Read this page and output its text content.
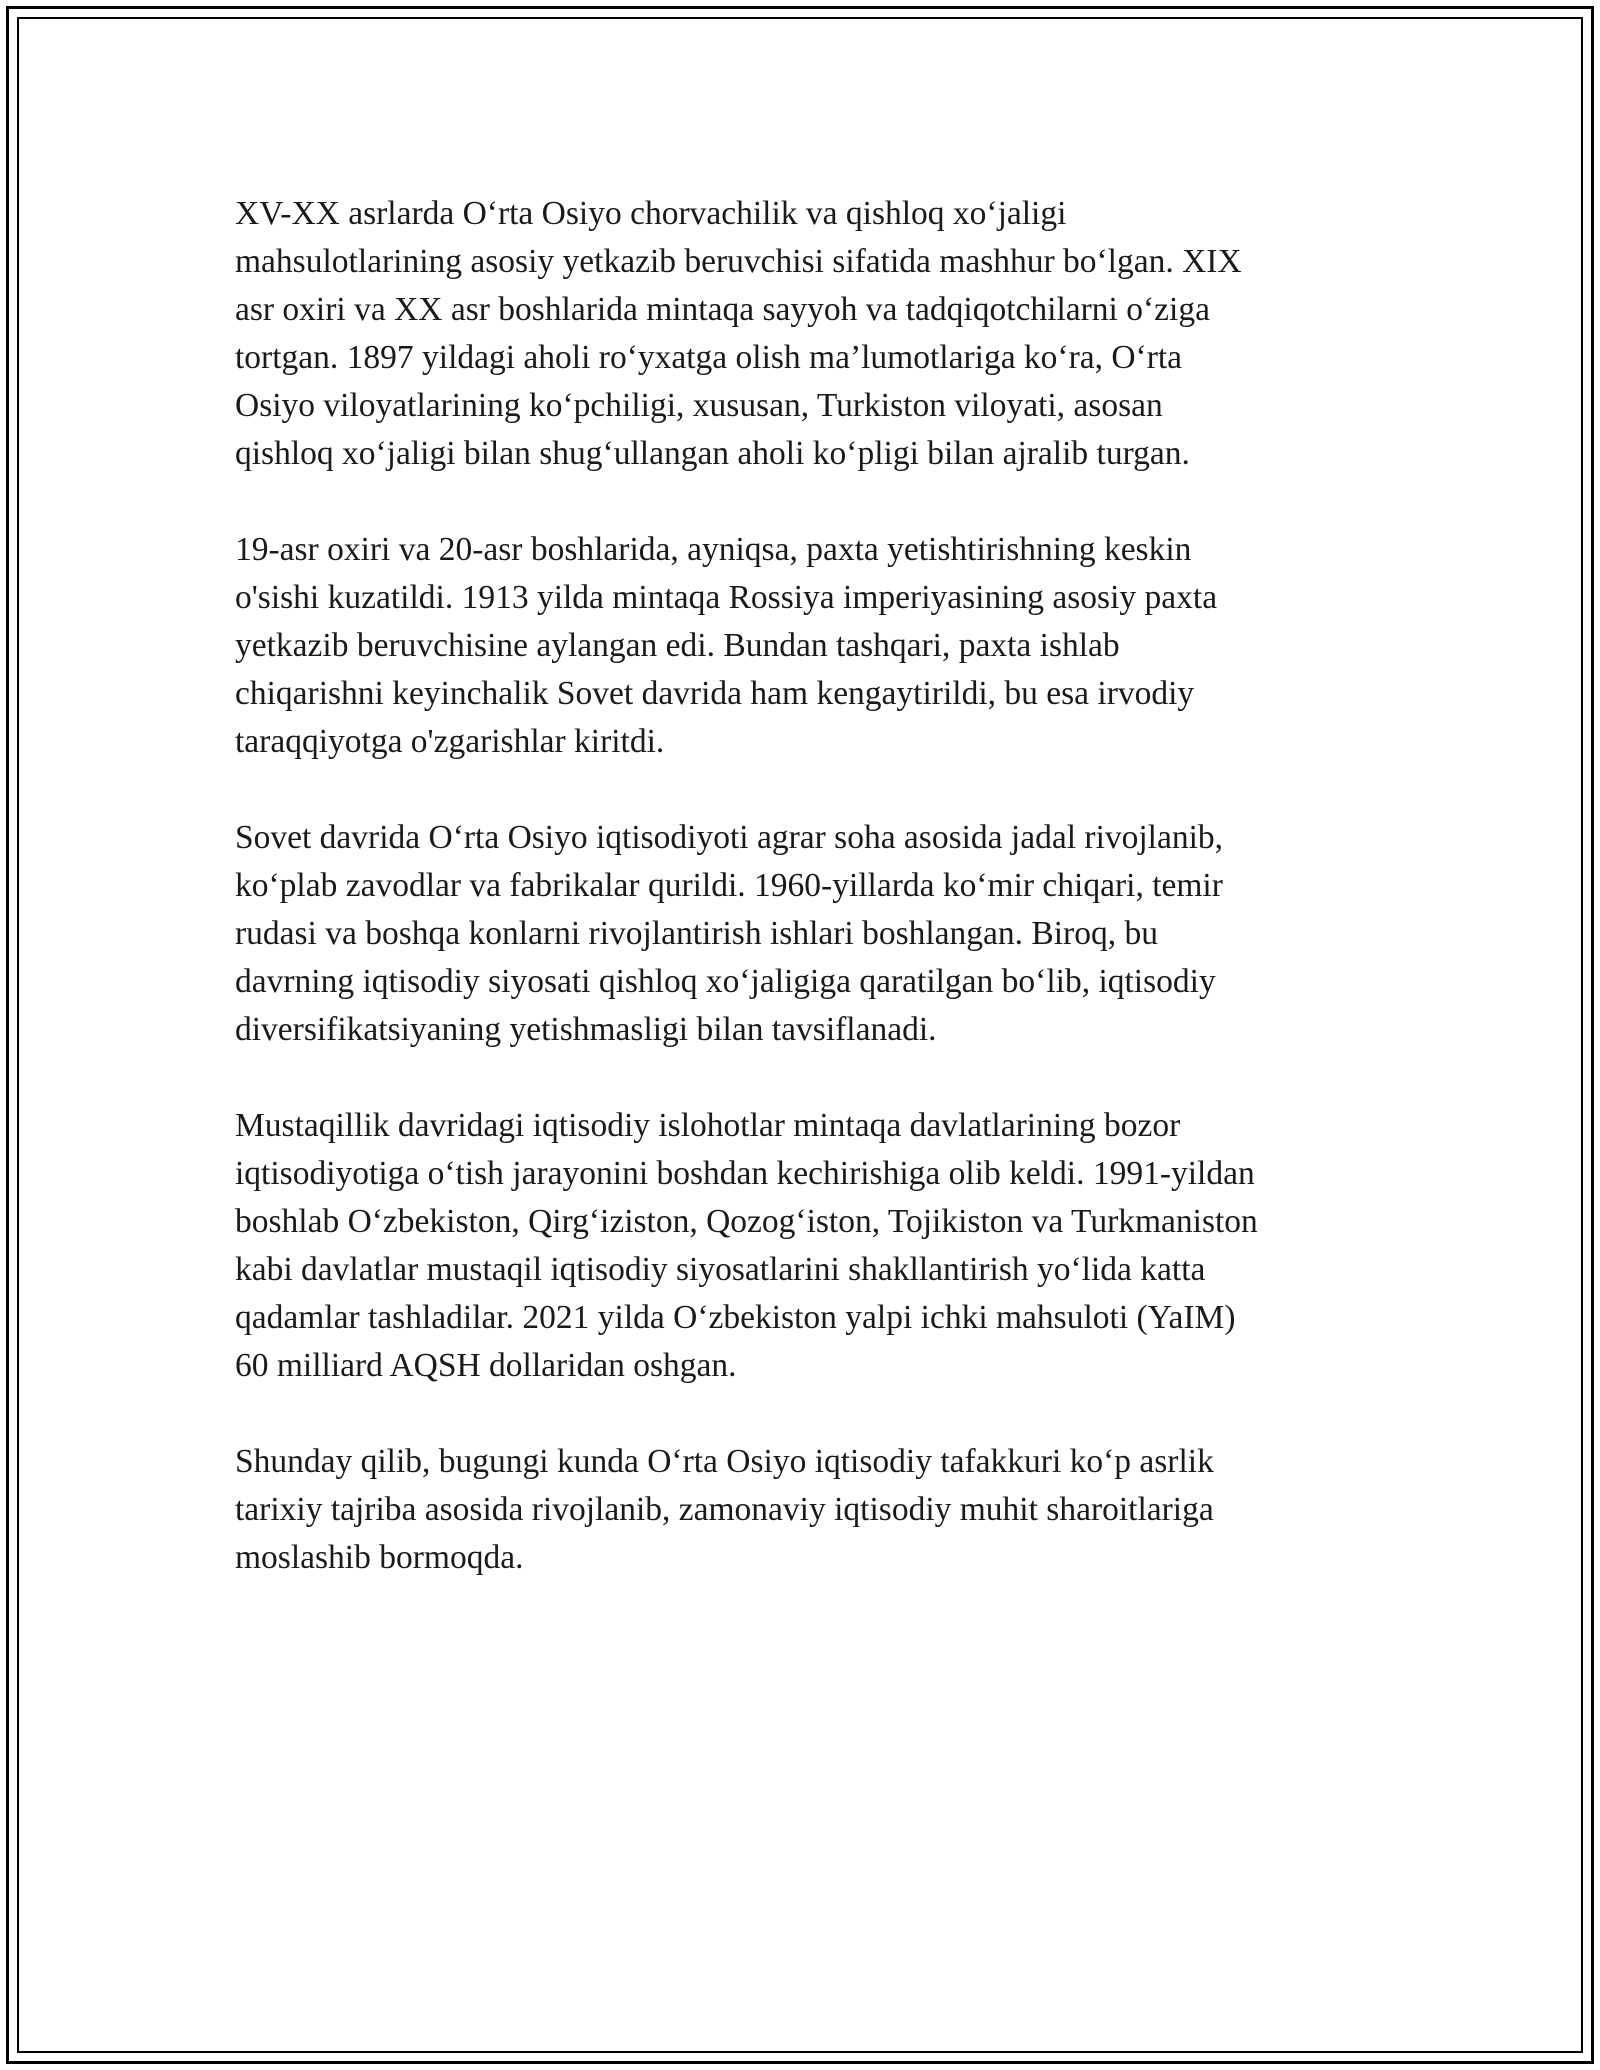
XV-XX asrlarda O‘rta Osiyo chorvachilik va qishloq xo‘jaligi
mahsulotlarining asosiy yetkazib beruvchisi sifatida mashhur bo‘lgan. XIX
asr oxiri va XX asr boshlarida mintaqa sayyoh va tadqiqotchilarni o‘ziga
tortgan. 1897 yildagi aholi ro‘yxatga olish ma’lumotlariga ko‘ra, O‘rta
Osiyo viloyatlarining ko‘pchiligi, xususan, Turkiston viloyati, asosan
qishloq xo‘jaligi bilan shug‘ullangan aholi ko‘pligi bilan ajralib turgan.

19-asr oxiri va 20-asr boshlarida, ayniqsa, paxta yetishtirishning keskin
o'sishi kuzatildi. 1913 yilda mintaqa Rossiya imperiyasining asosiy paxta
yetkazib beruvchisine aylangan edi. Bundan tashqari, paxta ishlab
chiqarishni keyinchalik Sovet davrida ham kengaytirildi, bu esa irvodiy
taraqqiyotga o'zgarishlar kiritdi.

Sovet davrida O‘rta Osiyo iqtisodiyoti agrar soha asosida jadal rivojlanib,
ko‘plab zavodlar va fabrikalar qurildi. 1960-yillarda ko‘mir chiqari, temir
rudasi va boshqa konlarni rivojlantirish ishlari boshlangan. Biroq, bu
davrning iqtisodiy siyosati qishloq xo‘jaligiga qaratilgan bo‘lib, iqtisodiy
diversifikatsiyaning yetishmasligi bilan tavsiflanadi.

Mustaqillik davridagi iqtisodiy islohotlar mintaqa davlatlarining bozor
iqtisodiyotiga o‘tish jarayonini boshdan kechirishiga olib keldi. 1991-yildan
boshlab O‘zbekiston, Qirg‘iziston, Qozog‘iston, Tojikiston va Turkmaniston
kabi davlatlar mustaqil iqtisodiy siyosatlarini shakllantirish yo‘lida katta
qadamlar tashladilar. 2021 yilda O‘zbekiston yalpi ichki mahsuloti (YaIM)
60 milliard AQSH dollaridan oshgan.

Shunday qilib, bugungi kunda O‘rta Osiyo iqtisodiy tafakkuri ko‘p asrlik
tarixiy tajriba asosida rivojlanib, zamonaviy iqtisodiy muhit sharoitlariga
moslashib bormoqda.
